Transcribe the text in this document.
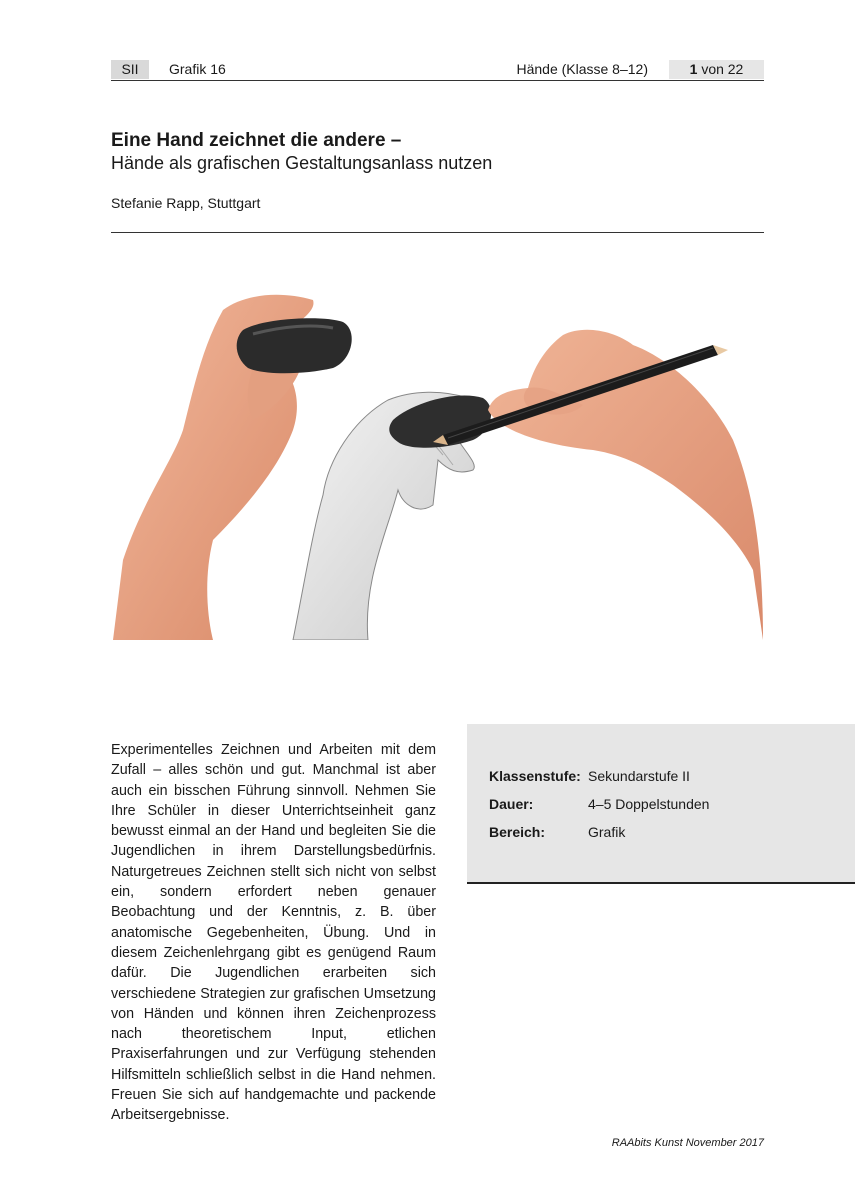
SII	Grafik 16	Hände (Klasse 8–12)	1 von 22
Eine Hand zeichnet die andere –
Hände als grafischen Gestaltungsanlass nutzen
Stefanie Rapp, Stuttgart
Experimentelles Zeichnen und Arbeiten mit dem Zufall – alles schön und gut. Manchmal ist aber auch ein bisschen Führung sinnvoll. Nehmen Sie Ihre Schüler in dieser Unterrichtseinheit ganz bewusst einmal an der Hand und begleiten Sie die Jugendlichen in ihrem Darstellungsbedürfnis. Naturgetreues Zeichnen stellt sich nicht von selbst ein, sondern erfordert neben genauer Beobachtung und der Kenntnis, z. B. über anatomische Gegebenheiten, Übung. Und in diesem Zeichenlehrgang gibt es genügend Raum dafür. Die Jugendlichen erarbeiten sich verschiedene Strategien zur grafischen Umsetzung von Händen und können ihren Zeichenprozess nach theoretischem Input, etlichen Praxiserfahrungen und zur Verfügung stehenden Hilfsmitteln schließlich selbst in die Hand nehmen. Freuen Sie sich auf handgemachte und packende Arbeitsergebnisse.
Klassenstufe: Sekundarstufe II
Dauer:	4–5 Doppelstunden
Bereich:	Grafik
RAAbits Kunst November 2017
